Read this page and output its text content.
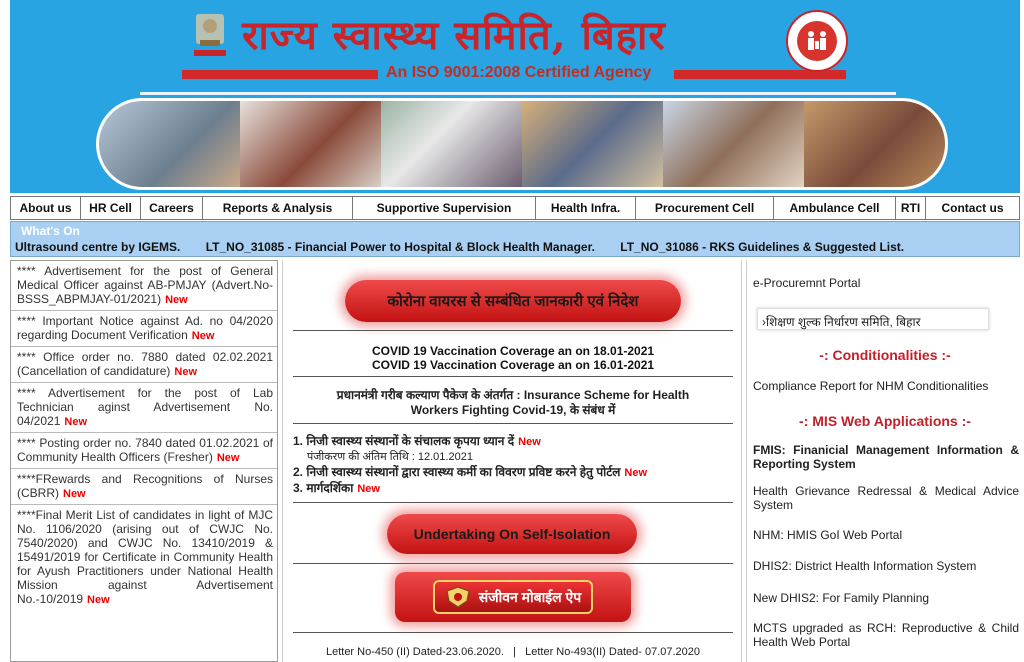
राज्य स्वास्थ्य समिति, बिहार
An ISO 9001:2008 Certified Agency
About us	HR Cell	Careers	Reports & Analysis	Supportive Supervision	Health Infra.	Procurement Cell	Ambulance Cell	RTI	Contact us
What's On
Ultrasound centre by IGEMS. LT_NO_31085 - Financial Power to Hospital & Block Health Manager. LT_NO_31086 - RKS Guidelines & Suggested List.
**** Advertisement for the post of General Medical Officer against AB-PMJAY (Advert.No-BSSS_ABPMJAY-01/2021) New
**** Important Notice against Ad. no 04/2020 regarding Document Verification New
**** Office order no. 7880 dated 02.02.2021 (Cancellation of candidature) New
**** Advertisement for the post of Lab Technician aginst Advertisement No. 04/2021 New
**** Posting order no. 7840 dated 01.02.2021 of Community Health Officers (Fresher) New
****FRewards and Recognitions of Nurses (CBRR) New
****Final Merit List of candidates in light of MJC No. 1106/2020 (arising out of CWJC No. 7540/2020) and CWJC No. 13410/2019 & 15491/2019 for Certificate in Community Health for Ayush Practitioners under National Health Mission against Advertisement No.-10/2019 New
कोरोना वायरस से सम्बंधित जानकारी एवं निदेश
COVID 19 Vaccination Coverage an on 18.01-2021
COVID 19 Vaccination Coverage an on 16.01-2021
प्रधानमंत्री गरीब कल्याण पैकेज के अंतर्गत : Insurance Scheme for Health Workers Fighting Covid-19, के संबंध में
1. निजी स्वास्थ्य संस्थानों के संचालक कृपया ध्यान दें New
पंजीकरण की अंतिम तिथि : 12.01.2021
2. निजी स्वास्थ्य संस्थानों द्वारा स्वास्थ्य कर्मी का विवरण प्रविष्ट करने हेतु पोर्टल New
3. मार्गदर्शिका New
Undertaking On Self-Isolation
संजीवन मोबाईल ऐप
Letter No-450 (II) Dated-23.06.2020. | Letter No-493(II) Dated- 07.07.2020
e-Procuremnt Portal
›शिक्षण शुल्क निर्धारण समिति, बिहार
-: Conditionalities :-
Compliance Report for NHM Conditionalities
-: MIS Web Applications :-
FMIS: Finanicial Management Information & Reporting System
Health Grievance Redressal & Medical Advice System
NHM: HMIS GoI Web Portal
DHIS2: District Health Information System
New DHIS2: For Family Planning
MCTS upgraded as RCH: Reproductive & Child Health Web Portal
